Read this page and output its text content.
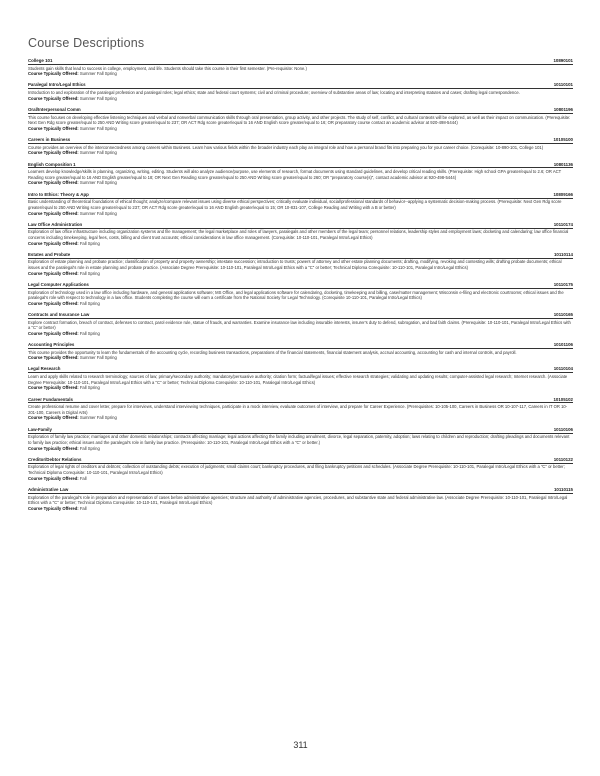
Course Descriptions
College 101	10890101
Students gain skills that lead to success in college, employment, and life. Students should take this course in their first semester. (Pre-requisite: None.)
Course Typically Offered: Summer Fall Spring
Paralegal Intro/Legal Ethics	10110101
Introduction to and exploration of the paralegal profession and paralegal roles; legal ethics; state and federal court systems; civil and criminal procedure; overview of substantive areas of law; locating and interpreting statutes and cases; drafting legal correspondence.
Course Typically Offered: Summer Fall Spring
Oral/Interpersonal Comm	10801196
This course focuses on developing effective listening techniques and verbal and nonverbal communication skills through oral presentation, group activity, and other projects. The study of self, conflict, and cultural contexts will be explored, as well as their impact on communication. (Prerequisite: Next Gen Rdg score greater/equal to 250 AND Writing score greater/equal to 237; OR ACT Rdg score greater/equal to 16 AND English score greater/equal to 16; OR preparatory course contact an academic advisor at 920-498-5444)
Course Typically Offered: Summer Fall Spring
Careers in Business	10105100
Course provides an overview of the interconnectedness among careers within Business. Learn how various fields within the broader industry each play an integral role and how a personal brand fits into preparing you for your career choice. (Corequisite: 10-890-101, College 101)
Course Typically Offered: Summer Fall Spring
English Composition 1	10801136
Learners develop knowledge/skills in planning, organizing, writing, editing. Students will also analyze audience/purpose, use elements of research, format documents using standard guidelines, and develop critical reading skills. (Prerequisite: High school GPA greater/equal to 2.6; OR ACT Reading score greater/equal to 16 AND English greater/equal to 18; OR Next Gen Reading score greater/equal to 250 AND Writing score greater/equal to 260; OR "preparatory course(s)", contact academic advisor at 920-498-5444)
Course Typically Offered: Summer Fall Spring
Intro to Ethics: Theory & App	10809166
Basic understanding of theoretical foundations of ethical thought; analyze/compare relevant issues using diverse ethical perspectives; critically evaluate individual, social/professional standards of behavior--applying a systematic decision-making process. (Prerequisite: Next Gen Rdg score greater/equal to 250 AND Writing score greater/equal to 237; OR ACT Rdg score greater/equal to 16 AND English greater/equal to 15; OR 10-831-107, College Reading and Writing with a B or better)
Course Typically Offered: Summer Fall Spring
Law Office Administration	10110174
Exploration of law office infrastructure including organization systems and file management; the legal marketplace and roles of lawyers, paralegals and other members of the legal team; personnel relations, leadership styles and employment laws; docketing and calendaring; law office financial concerns including timekeeping, legal fees, costs, billing and client trust accounts; ethical considerations in law office management. (Corequisite: 10-110-101, Paralegal Intro/Legal Ethics)
Course Typically Offered: Fall Spring
Estates and Probate	10110114
Exploration of estate planning and probate practice; classification of property and property ownership; intestate succession; introduction to trusts; powers of attorney and other estate planning documents; drafting, modifying, revoking and contesting wills; drafting probate documents; ethical issues and the paralegal's role in estate planning and probate practice. (Associate Degree Prerequisite: 10-110-101, Paralegal Intro/Legal Ethics with a "C" or better; Technical Diploma Corequisite: 10-110-101, Paralegal Intro/Legal Ethics)
Course Typically Offered: Fall Spring
Legal Computer Applications	10110175
Exploration of technology used in a law office including hardware, and general applications software; MS Office, and legal applications software for calendaring, docketing, timekeeping and billing, case/matter management; Wisconsin e-filing and electronic courtrooms; ethical issues and the paralegal's role with respect to technology in a law office. Students completing the course will earn a certificate from the National Society for Legal Technology. (Corequisite 10-110-101, Paralegal Intro/Legal Ethics)
Course Typically Offered: Fall Spring
Contracts and Insurance Law	10110165
Explore contract formation, breach of contract, defenses to contract, parol evidence rule, statue of frauds, and warranties. Examine insurance law including insurable interests, insurer's duty to defend, subrogation, and bad faith claims. (Prerequisite: 10-110-101, Paralegal Intro/Legal Ethics with a "C" or better)
Course Typically Offered: Fall Spring
Accounting Principles	10101106
This course provides the opportunity to learn the fundamentals of the accounting cycle, recording business transactions, preparations of the financial statements, financial statement analysis, accrual accounting, accounting for cash and internal controls, and payroll.
Course Typically Offered: Summer Fall Spring
Legal Research	10110104
Learn and apply skills related to research terminology; sources of law; primary/secondary authority; mandatory/persuasive authority; citation form; factual/legal issues; effective research strategies; validating and updating results; computer-assisted legal research; Internet research. (Associate Degree Prerequisite: 10-110-101, Paralegal Intro/Legal Ethics with a "C" or better; Technical Diploma Corequisite: 10-110-101, Paralegal Intro/Legal Ethics)
Course Typically Offered: Fall Spring
Career Fundamentals	10105102
Create professional resume and cover letter, prepare for interviews, understand interviewing techniques, participate in a mock interview, evaluate outcomes of interview, and prepare for Career Experience. (Prerequisites: 10-105-100, Careers in Business OR 10-107-117, Careers in IT OR 10-201-100, Careers in Digital Arts)
Course Typically Offered: Summer Fall Spring
Law-Family	10110106
Exploration of family law practice; marriages and other domestic relationships; contracts affecting marriage; legal actions affecting the family including annulment, divorce, legal separation, paternity, adoption; laws relating to children and reproduction; drafting pleadings and documents relevant to family law practice; ethical issues and the paralegal's role in family law practice. (Prerequisite: 10-110-101, Paralegal Intro/Legal Ethics with a "C" or better.)
Course Typically Offered: Fall Spring
Creditor/Debtor Relations	10110122
Exploration of legal rights of creditors and debtors; collection of outstanding debts; execution of judgments; small claims court; bankruptcy procedures, and filing bankruptcy petitions and schedules. (Associate Degree Prerequisite: 10-110-101, Paralegal Intro/Legal Ethics with a "C" or better; Technical Diploma Corequisite: 10-110-101, Paralegal Intro/Legal Ethics)
Course Typically Offered: Fall
Administrative Law	10110115
Exploration of the paralegal's role in preparation and representation of cases before administrative agencies; structure and authority of administrative agencies, procedures, and substantive state and federal administrative law. (Associate Degree Prerequisite: 10-110-101, Paralegal Intro/Legal Ethics with a "C" or better; Technical Diploma Corequisite: 10-110-101, Paralegal Intro/Legal Ethics)
Course Typically Offered: Fall
311
